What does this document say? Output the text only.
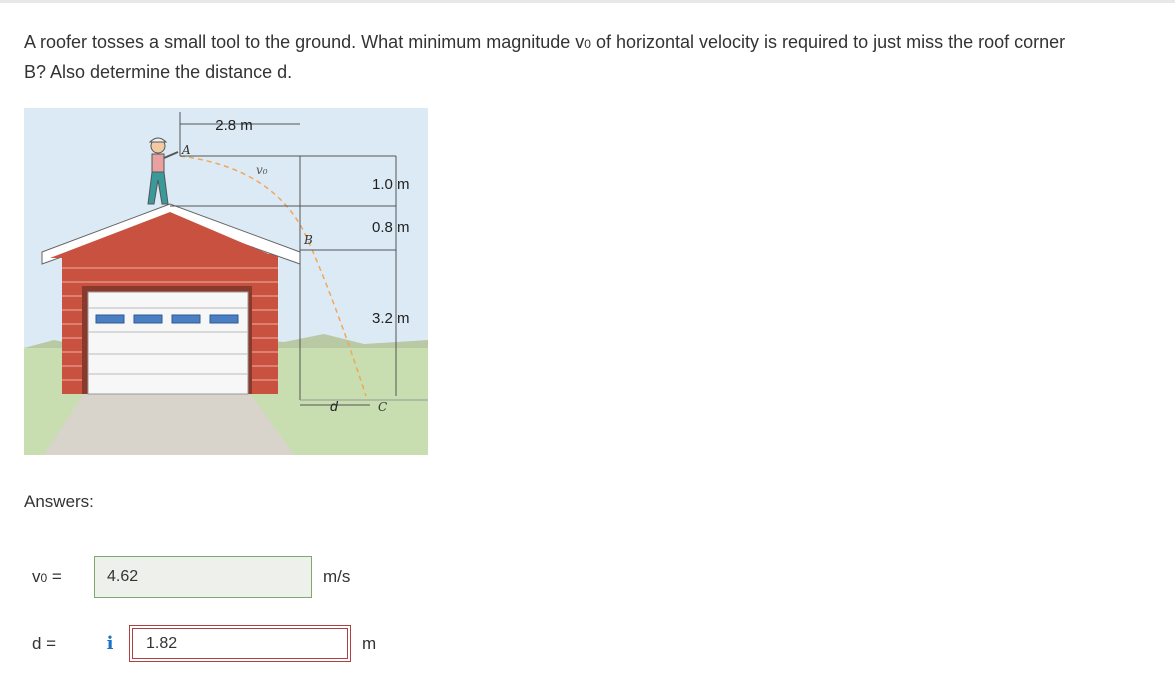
A roofer tosses a small tool to the ground. What minimum magnitude v0 of horizontal velocity is required to just miss the roof corner
B? Also determine the distance d.
2.8 m
A
v₀
1.0 m
0.8 m
B
3.2 m
d	C
Answers:
v0 =	4.62	m/s
d =	i	1.82	m
